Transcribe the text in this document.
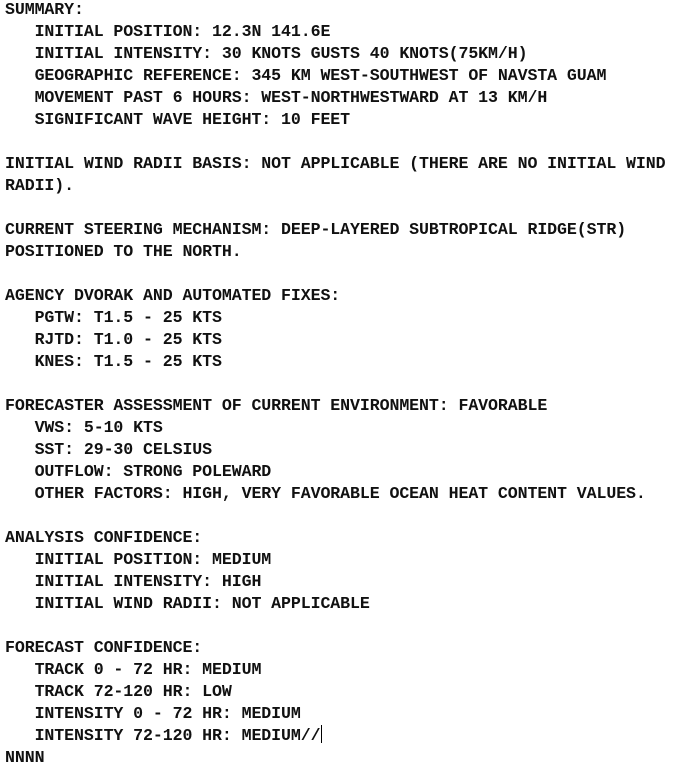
SUMMARY:
INITIAL POSITION: 12.3N 141.6E
INITIAL INTENSITY: 30 KNOTS GUSTS 40 KNOTS(75KM/H)
GEOGRAPHIC REFERENCE: 345 KM WEST-SOUTHWEST OF NAVSTA GUAM
MOVEMENT PAST 6 HOURS: WEST-NORTHWESTWARD AT 13 KM/H
SIGNIFICANT WAVE HEIGHT: 10 FEET
INITIAL WIND RADII BASIS: NOT APPLICABLE (THERE ARE NO INITIAL WIND
RADII).
CURRENT STEERING MECHANISM: DEEP-LAYERED SUBTROPICAL RIDGE(STR)
POSITIONED TO THE NORTH.
AGENCY DVORAK AND AUTOMATED FIXES:
PGTW: T1.5 - 25 KTS
RJTD: T1.0 - 25 KTS
KNES: T1.5 - 25 KTS
FORECASTER ASSESSMENT OF CURRENT ENVIRONMENT: FAVORABLE
VWS: 5-10 KTS
SST: 29-30 CELSIUS
OUTFLOW: STRONG POLEWARD
OTHER FACTORS: HIGH, VERY FAVORABLE OCEAN HEAT CONTENT VALUES.
ANALYSIS CONFIDENCE:
INITIAL POSITION: MEDIUM
INITIAL INTENSITY: HIGH
INITIAL WIND RADII: NOT APPLICABLE
FORECAST CONFIDENCE:
TRACK 0 - 72 HR: MEDIUM
TRACK 72-120 HR: LOW
INTENSITY 0 - 72 HR: MEDIUM
INTENSITY 72-120 HR: MEDIUM//
NNNN
